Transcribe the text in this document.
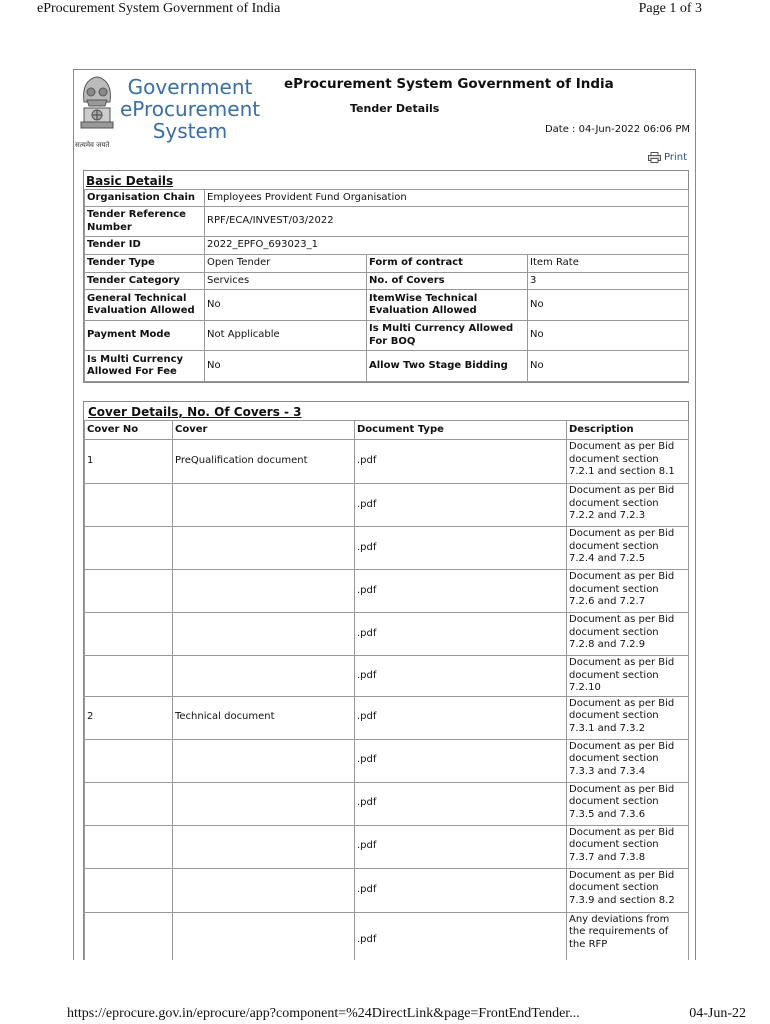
eProcurement System Government of India	Page 1 of 3
सत्यमेव जयते
Government
eProcurement
System
eProcurement System Government of India
Tender Details
Date : 04-Jun-2022 06:06 PM
Print
Basic Details
Organisation Chain	Employees Provident Fund Organisation		
Tender Reference Number	RPF/ECA/INVEST/03/2022		
Tender ID	2022_EPFO_693023_1		
Tender Type	Open Tender	Form of contract	Item Rate
Tender Category	Services	No. of Covers	3
General Technical Evaluation Allowed	No	ItemWise Technical Evaluation Allowed	No
Payment Mode	Not Applicable	Is Multi Currency Allowed For BOQ	No
Is Multi Currency Allowed For Fee	No	Allow Two Stage Bidding	No
Cover Details, No. Of Covers - 3
Cover No	Cover	Document Type	Description
1	PreQualification document	.pdf	Document as per Bid document section 7.2.1 and section 8.1
		.pdf	Document as per Bid document section 7.2.2 and 7.2.3
		.pdf	Document as per Bid document section 7.2.4 and 7.2.5
		.pdf	Document as per Bid document section 7.2.6 and 7.2.7
		.pdf	Document as per Bid document section 7.2.8 and 7.2.9
		.pdf	Document as per Bid document section 7.2.10
2	Technical document	.pdf	Document as per Bid document section 7.3.1 and 7.3.2
		.pdf	Document as per Bid document section 7.3.3 and 7.3.4
		.pdf	Document as per Bid document section 7.3.5 and 7.3.6
		.pdf	Document as per Bid document section 7.3.7 and 7.3.8
		.pdf	Document as per Bid document section 7.3.9 and section 8.2
		.pdf	Any deviations from the requirements of the RFP
https://eprocure.gov.in/eprocure/app?component=%24DirectLink&page=FrontEndTender...	04-Jun-22
